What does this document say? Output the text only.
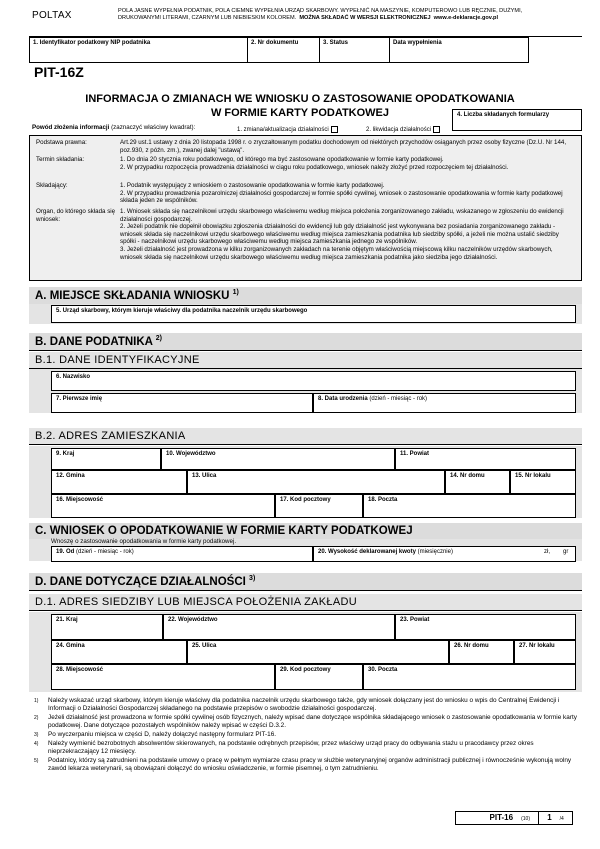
POLTAX	POLA JASNE WYPEŁNIA PODATNIK, POLA CIEMNE WYPEŁNIA URZĄD SKARBOWY. WYPEŁNIĆ NA MASZYNIE, KOMPUTEROWO LUB RĘCZNIE, DUŻYMI,
DRUKOWANYMI LITERAMI, CZARNYM LUB NIEBIESKIM KOLOREM. MOŻNA SKŁADAĆ W WERSJI ELEKTRONICZNEJ www.e-deklaracje.gov.pl
1. Identyfikator podatkowy NIP podatnika	2. Nr dokumentu	3. Status	Data wypełnienia
PIT-16Z
INFORMACJA O ZMIANACH WE WNIOSKU O ZASTOSOWANIE OPODATKOWANIA
W FORMIE KARTY PODATKOWEJ	4. Liczba składanych formularzy
Powód złożenia informacji (zaznaczyć właściwy kwadrat):	1. zmiana/aktualizacja działalności	2. likwidacja działalności
Podstawa prawna:	Art.29 ust.1 ustawy z dnia 20 listopada 1998 r. o zryczałtowanym podatku dochodowym od niektórych przychodów osiąganych przez osoby fizyczne (Dz.U. Nr 144, poz.930, z późn. zm.), zwanej dalej "ustawą".
Termin składania:	1. Do dnia 20 stycznia roku podatkowego, od którego ma być zastosowane opodatkowanie w formie karty podatkowej.
2. W przypadku rozpoczęcia prowadzenia działalności w ciągu roku podatkowego, wniosek należy złożyć przed rozpoczęciem tej działalności.
Składający:	1. Podatnik występujący z wnioskiem o zastosowanie opodatkowania w formie karty podatkowej.
2. W przypadku prowadzenia pozarolniczej działalności gospodarczej w formie spółki cywilnej, wniosek o zastosowanie opodatkowania w formie karty podatkowej składa jeden ze wspólników.
Organ, do którego składa się wniosek:
1. Wniosek składa się naczelnikowi urzędu skarbowego właściwemu według miejsca położenia zorganizowanego zakładu, wskazanego w zgłoszeniu do ewidencji działalności gospodarczej.
2. Jeżeli podatnik nie dopełnił obowiązku zgłoszenia działalności do ewidencji lub gdy działalność jest wykonywana bez posiadania zorganizowanego zakładu - wniosek składa się naczelnikowi urzędu skarbowego właściwemu według miejsca zamieszkania podatnika lub siedziby spółki, a jeżeli nie można ustalić siedziby spółki - naczelnikowi urzędu skarbowego właściwemu według miejsca zamieszkania jednego ze wspólników.
3. Jeżeli działalność jest prowadzona w kilku zorganizowanych zakładach na terenie objętym właściwością miejscową kilku naczelników urzędów skarbowych, wniosek składa się naczelnikowi urzędu skarbowego właściwemu według miejsca zamieszkania podatnika jako siedziba jego działalności.
A. MIEJSCE SKŁADANIA WNIOSKU $^{1)}$
5. Urząd skarbowy, którym kieruje właściwy dla podatnika naczelnik urzędu skarbowego
B. DANE PODATNIKA $^{2)}$
B.1. DANE IDENTYFIKACYJNE
6. Nazwisko
7. Pierwsze imię	8. Data urodzenia (dzień - miesiąc - rok)
B.2. ADRES ZAMIESZKANIA
9. Kraj	10. Województwo	11. Powiat
12. Gmina	13. Ulica	14. Nr domu	15. Nr lokalu
16. Miejscowość	17. Kod pocztowy	18. Poczta
C. WNIOSEK O OPODATKOWANIE W FORMIE KARTY PODATKOWEJ
Wnoszę o zastosowanie opodatkowania w formie karty podatkowej.
19. Od (dzień - miesiąc - rok)	20. Wysokość deklarowanej kwoty (miesięcznie)	zł, gr
D. DANE DOTYCZĄCE DZIAŁALNOŚCI $^{3)}$
D.1. ADRES SIEDZIBY LUB MIEJSCA POŁOŻENIA ZAKŁADU
21. Kraj	22. Województwo	23. Powiat
24. Gmina	25. Ulica	26. Nr domu	27. Nr lokalu
28. Miejscowość	29. Kod pocztowy	30. Poczta

1) Należy wskazać urząd skarbowy, którym kieruje właściwy dla podatnika naczelnik urzędu skarbowego także, gdy wniosek dołączany jest do wniosku o wpis do Centralnej Ewidencji i Informacji o Działalności Gospodarczej składanego na podstawie przepisów o swobodzie działalności gospodarczej.

2) Jeżeli działalność jest prowadzona w formie spółki cywilnej osób fizycznych, należy wpisać dane dotyczące wspólnika składającego wniosek o zastosowanie opodatkowania w formie karty podatkowej. Dane dotyczące pozostałych wspólników należy wpisać w części D.3.2.

3) Po wyczerpaniu miejsca w części D, należy dołączyć następny formularz PIT-16.

4) Należy wymienić bezrobotnych absolwentów skierowanych, na podstawie odrębnych przepisów, przez właściwy urząd pracy do odbywania stażu u pracodawcy przez okres nieprzekraczający 12 miesięcy.

5) Podatnicy, którzy są zatrudnieni na podstawie umowy o pracę w pełnym wymiarze czasu pracy w służbie weterynaryjnej organów administracji publicznej i równocześnie wykonują wolny zawód lekarza weterynarii, są obowiązani dołączyć do wniosku oświadczenie, w formie pisemnej, o tym zatrudnieniu.

PIT-16 (10)	1 /4
